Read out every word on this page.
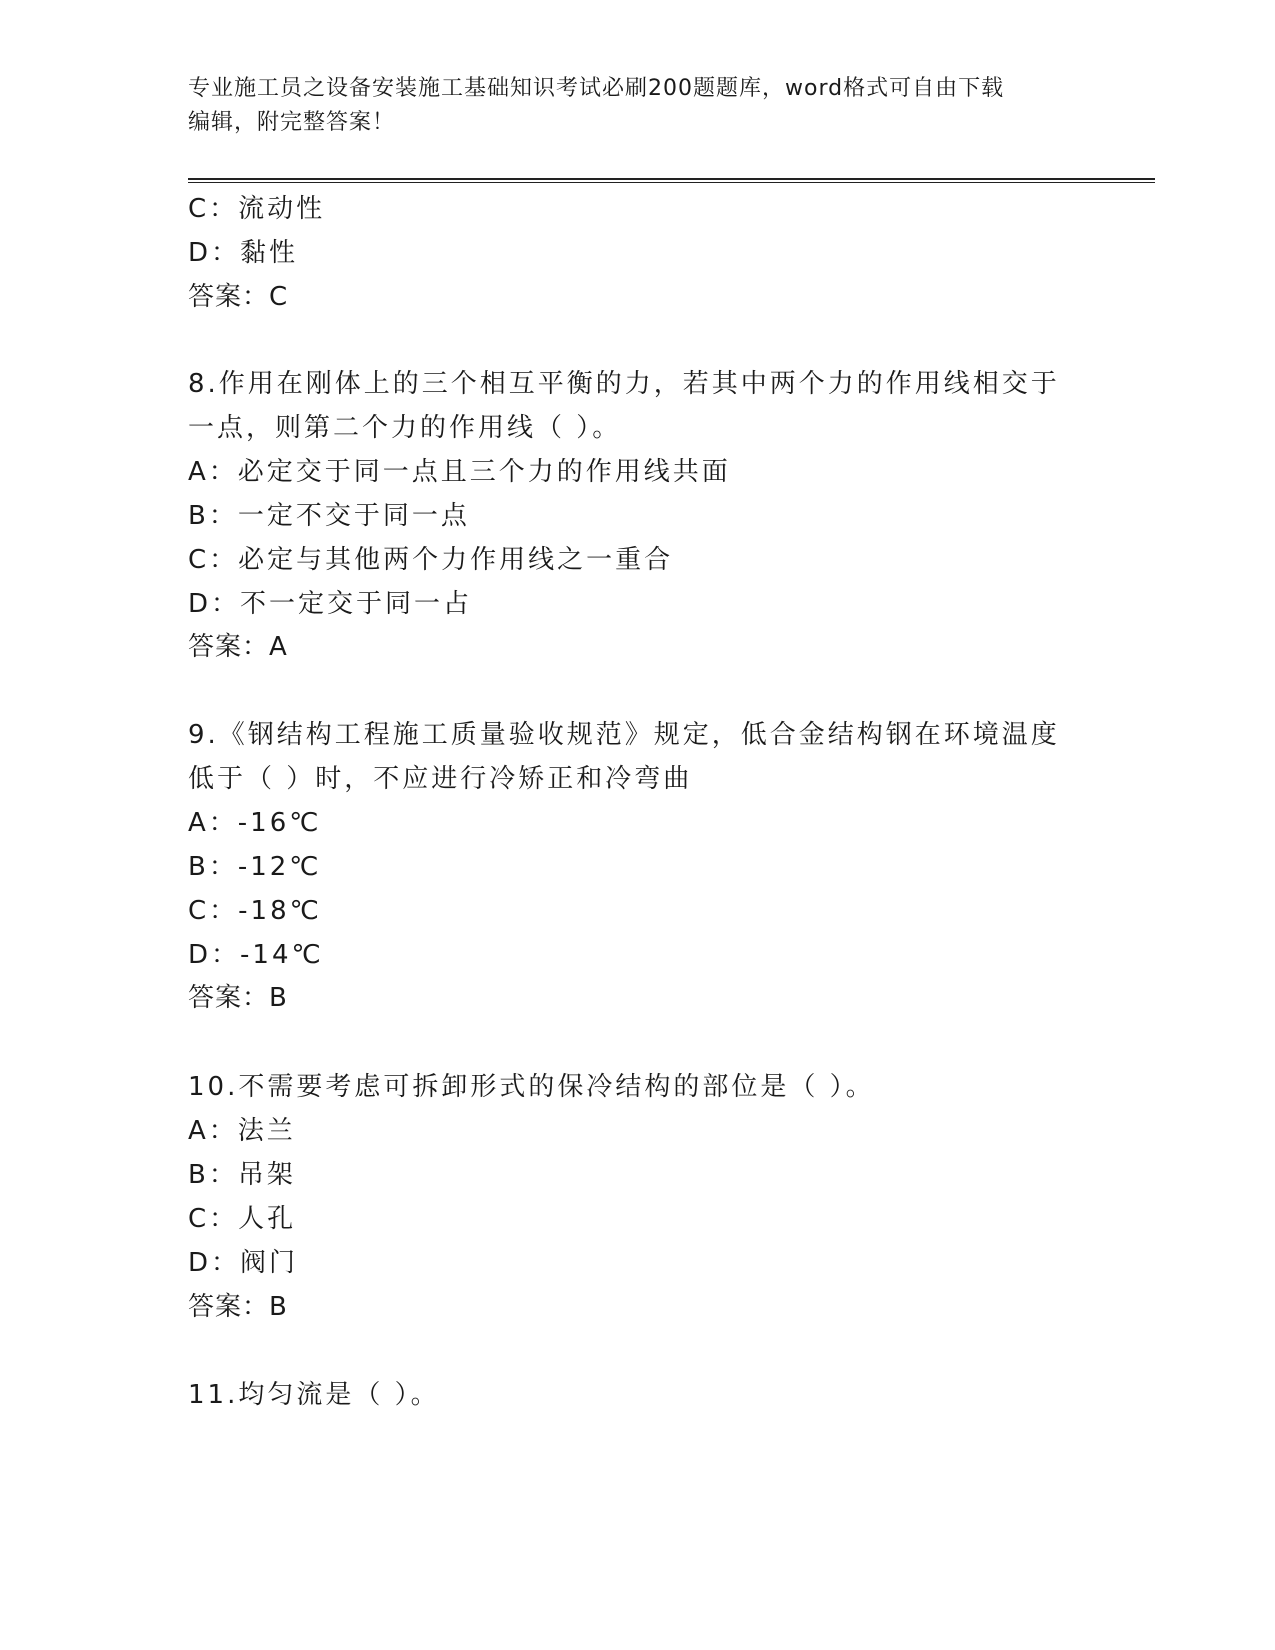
专业施工员之设备安装施工基础知识考试必刷200题题库，word格式可自由下载
编辑，附完整答案！
C：流动性
D：黏性
答案：C
8.作用在刚体上的三个相互平衡的力，若其中两个力的作用线相交于
一点，则第二个力的作用线（ ）。
A：必定交于同一点且三个力的作用线共面
B：一定不交于同一点
C：必定与其他两个力作用线之一重合
D：不一定交于同一占
答案：A
9.《钢结构工程施工质量验收规范》规定，低合金结构钢在环境温度
低于（ ）时，不应进行冷矫正和冷弯曲
A：-16℃
B：-12℃
C：-18℃
D：-14℃
答案：B
10.不需要考虑可拆卸形式的保冷结构的部位是（ ）。
A：法兰
B：吊架
C：人孔
D：阀门
答案：B
11.均匀流是（ ）。
